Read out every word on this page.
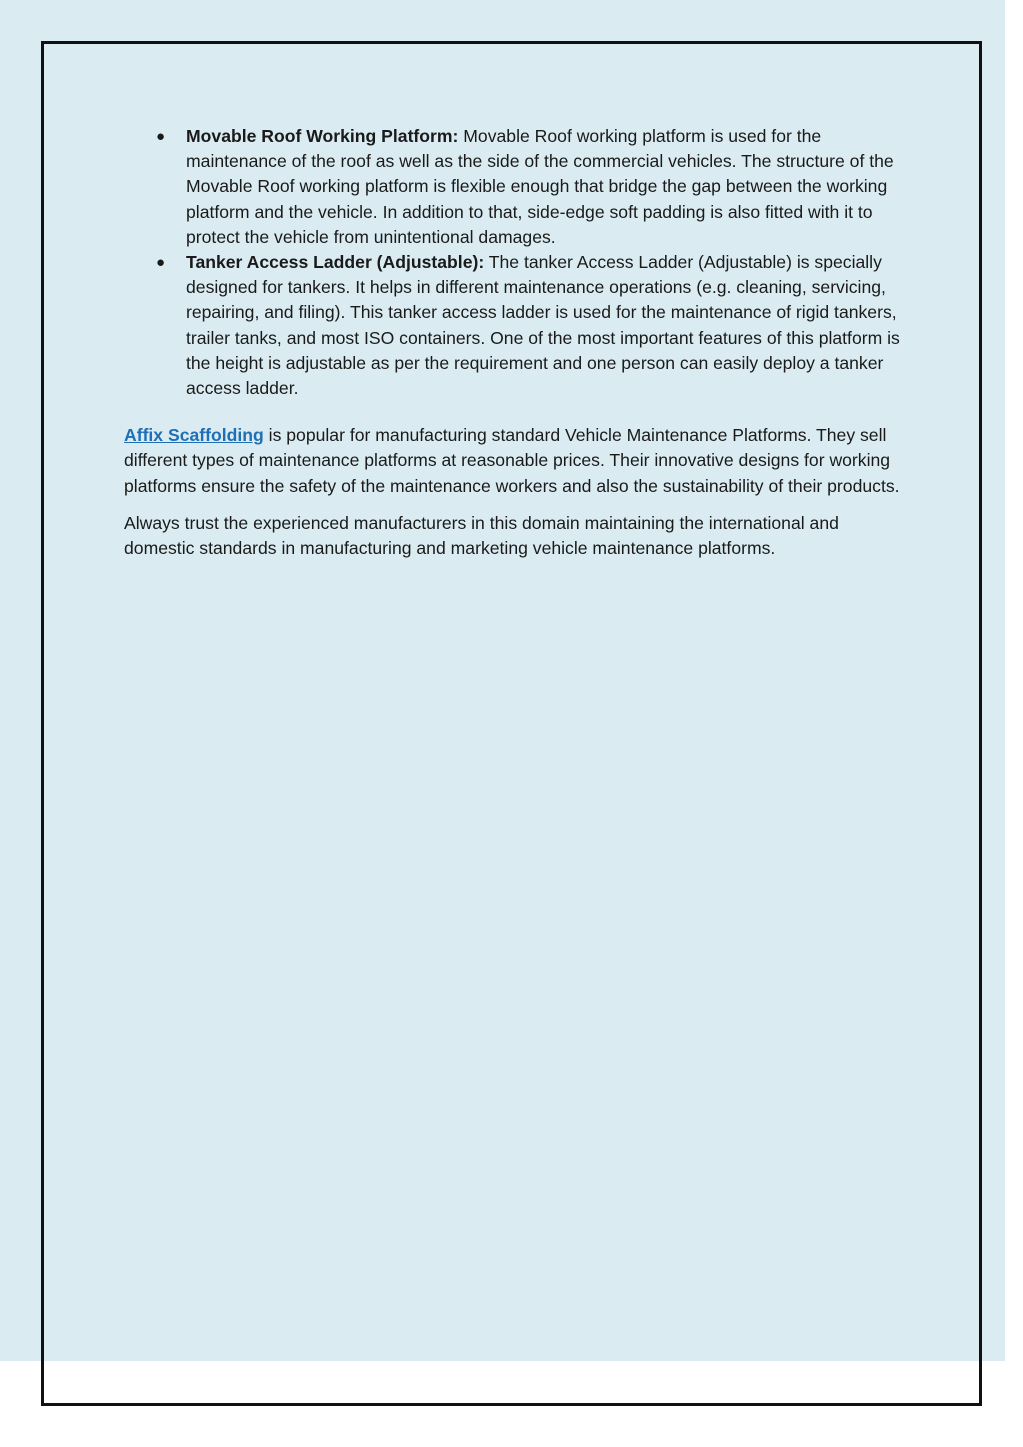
● Movable Roof Working Platform: Movable Roof working platform is used for the maintenance of the roof as well as the side of the commercial vehicles. The structure of the Movable Roof working platform is flexible enough that bridge the gap between the working platform and the vehicle. In addition to that, side-edge soft padding is also fitted with it to protect the vehicle from unintentional damages.
● Tanker Access Ladder (Adjustable): The tanker Access Ladder (Adjustable) is specially designed for tankers. It helps in different maintenance operations (e.g. cleaning, servicing, repairing, and filing). This tanker access ladder is used for the maintenance of rigid tankers, trailer tanks, and most ISO containers. One of the most important features of this platform is the height is adjustable as per the requirement and one person can easily deploy a tanker access ladder.

Affix Scaffolding is popular for manufacturing standard Vehicle Maintenance Platforms. They sell different types of maintenance platforms at reasonable prices. Their innovative designs for working platforms ensure the safety of the maintenance workers and also the sustainability of their products.

Always trust the experienced manufacturers in this domain maintaining the international and domestic standards in manufacturing and marketing vehicle maintenance platforms.
